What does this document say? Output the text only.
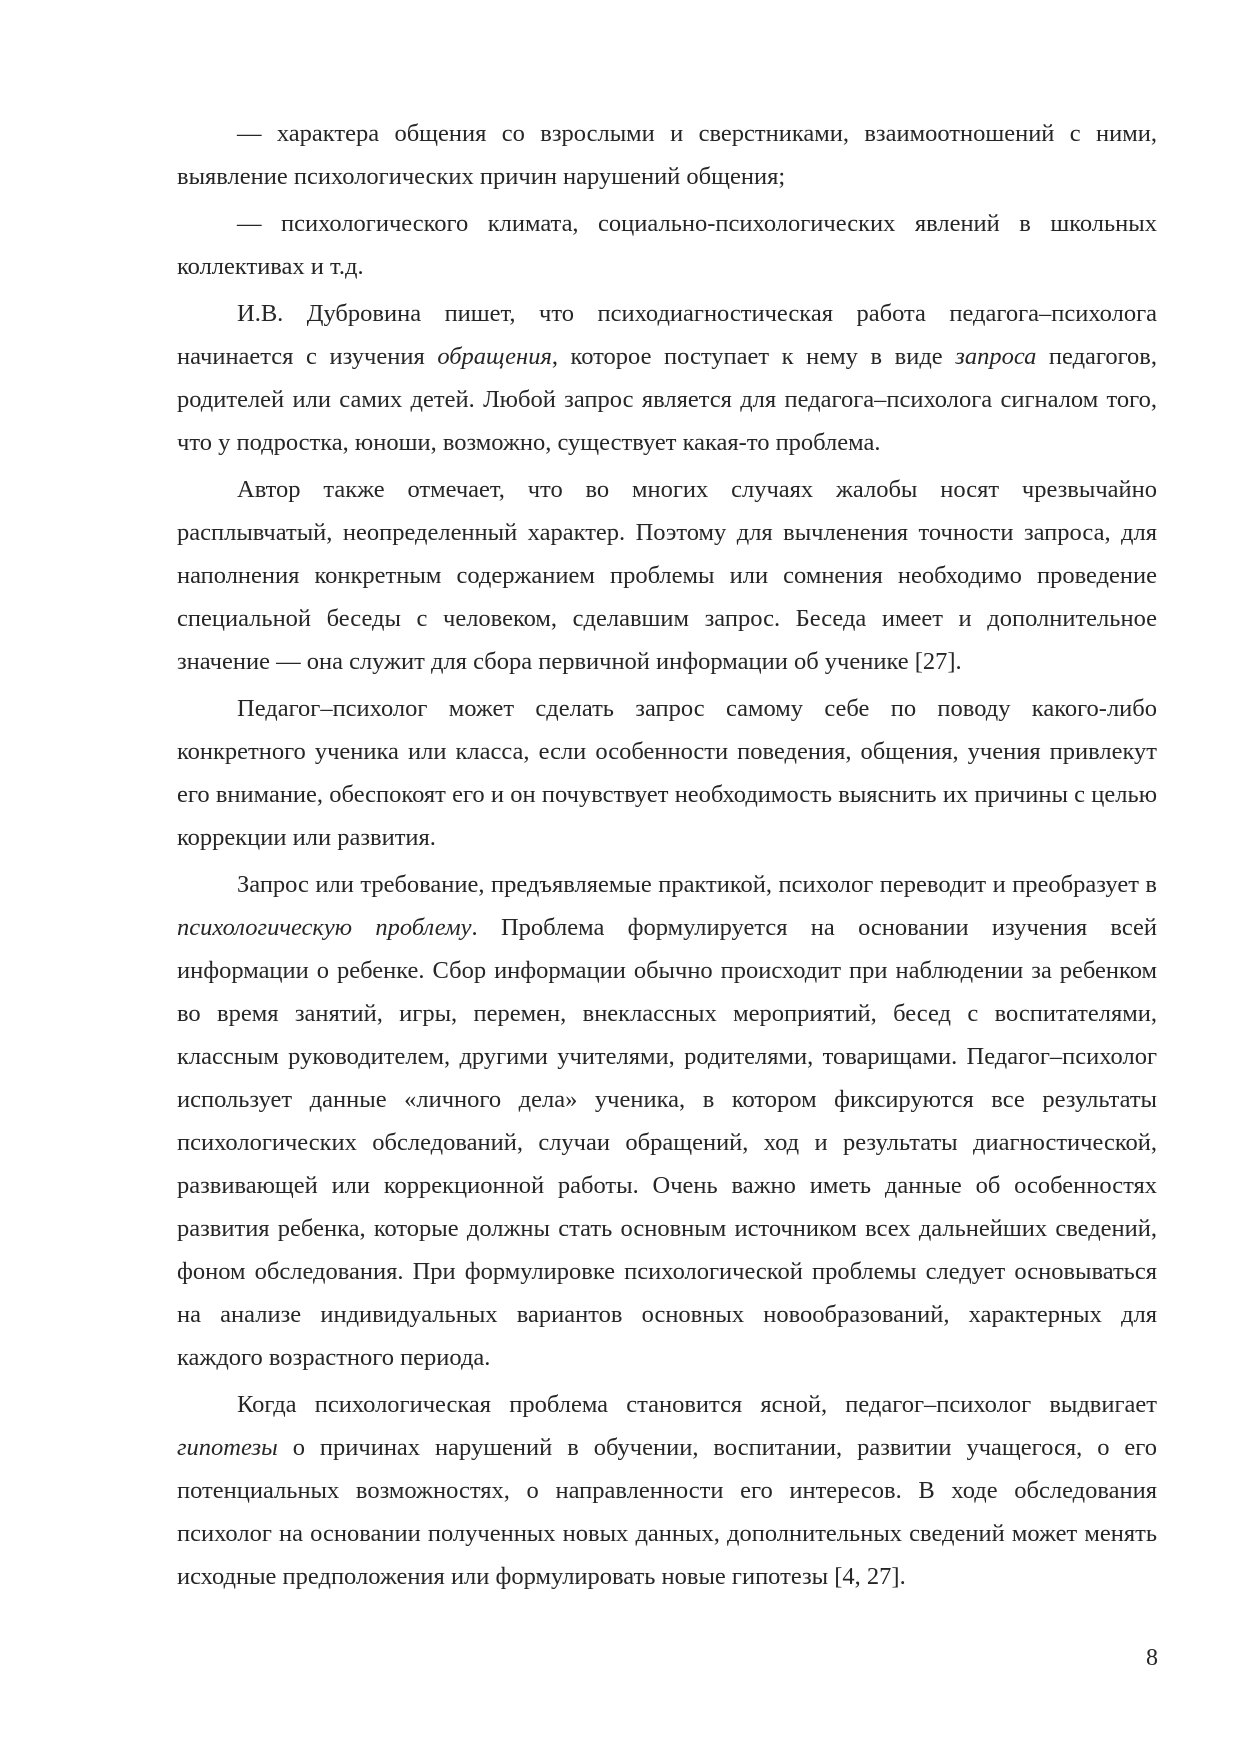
— характера общения со взрослыми и сверстниками, взаимоотношений с ними, выявление психологических причин нарушений общения;

— психологического климата, социально-психологических явлений в школьных коллективах и т.д.

И.В. Дубровина пишет, что психодиагностическая работа педагога–психолога начинается с изучения обращения, которое поступает к нему в виде запроса педагогов, родителей или самих детей. Любой запрос является для педагога–психолога сигналом того, что у подростка, юноши, возможно, существует какая-то проблема.

Автор также отмечает, что во многих случаях жалобы носят чрезвычайно расплывчатый, неопределенный характер. Поэтому для вычленения точности запроса, для наполнения конкретным содержанием проблемы или сомнения необходимо проведение специальной беседы с человеком, сделавшим запрос. Беседа имеет и дополнительное значение — она служит для сбора первичной информации об ученике [27].

Педагог–психолог может сделать запрос самому себе по поводу какого-либо конкретного ученика или класса, если особенности поведения, общения, учения привлекут его внимание, обеспокоят его и он почувствует необходимость выяснить их причины с целью коррекции или развития.

Запрос или требование, предъявляемые практикой, психолог переводит и преобразует в психологическую проблему. Проблема формулируется на основании изучения всей информации о ребенке. Сбор информации обычно происходит при наблюдении за ребенком во время занятий, игры, перемен, внеклассных мероприятий, бесед с воспитателями, классным руководителем, другими учителями, родителями, товарищами. Педагог–психолог использует данные «личного дела» ученика, в котором фиксируются все результаты психологических обследований, случаи обращений, ход и результаты диагностической, развивающей или коррекционной работы. Очень важно иметь данные об особенностях развития ребенка, которые должны стать основным источником всех дальнейших сведений, фоном обследования. При формулировке психологической проблемы следует основываться на анализе индивидуальных вариантов основных новообразований, характерных для каждого возрастного периода.

Когда психологическая проблема становится ясной, педагог–психолог выдвигает гипотезы о причинах нарушений в обучении, воспитании, развитии учащегося, о его потенциальных возможностях, о направленности его интересов. В ходе обследования психолог на основании полученных новых данных, дополнительных сведений может менять исходные предположения или формулировать новые гипотезы [4, 27].

8
